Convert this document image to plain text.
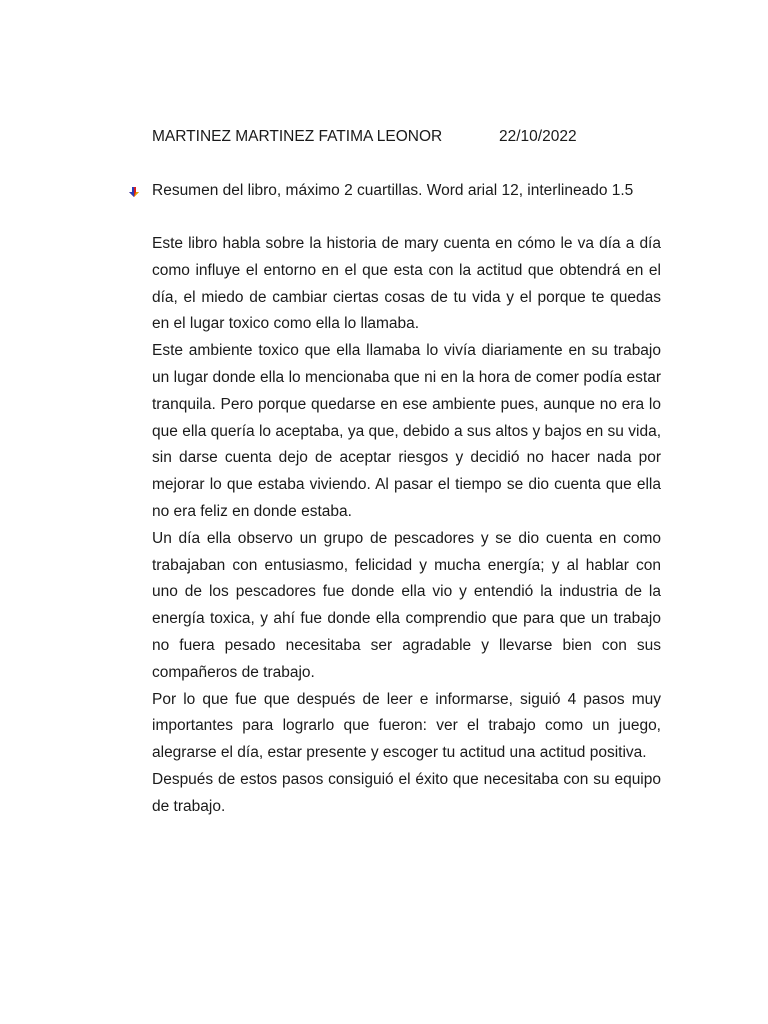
MARTINEZ MARTINEZ FATIMA LEONOR	22/10/2022
Resumen del libro, máximo 2 cuartillas. Word arial 12, interlineado 1.5

Este libro habla sobre la historia de mary cuenta en cómo le va día a día como influye el entorno en el que esta con la actitud que obtendrá en el día, el miedo de cambiar ciertas cosas de tu vida y el porque te quedas en el lugar toxico como ella lo llamaba.

Este ambiente toxico que ella llamaba lo vivía diariamente en su trabajo un lugar donde ella lo mencionaba que ni en la hora de comer podía estar tranquila. Pero porque quedarse en ese ambiente pues, aunque no era lo que ella quería lo aceptaba, ya que, debido a sus altos y bajos en su vida, sin darse cuenta dejo de aceptar riesgos y decidió no hacer nada por mejorar lo que estaba viviendo. Al pasar el tiempo se dio cuenta que ella no era feliz en donde estaba.

Un día ella observo un grupo de pescadores y se dio cuenta en como trabajaban con entusiasmo, felicidad y mucha energía; y al hablar con uno de los pescadores fue donde ella vio y entendió la industria de la energía toxica, y ahí fue donde ella comprendio que para que un trabajo no fuera pesado necesitaba ser agradable y llevarse bien con sus compañeros de trabajo.

Por lo que fue que después de leer e informarse, siguió 4 pasos muy importantes para lograrlo que fueron: ver el trabajo como un juego, alegrarse el día, estar presente y escoger tu actitud una actitud positiva.

Después de estos pasos consiguió el éxito que necesitaba con su equipo de trabajo.
